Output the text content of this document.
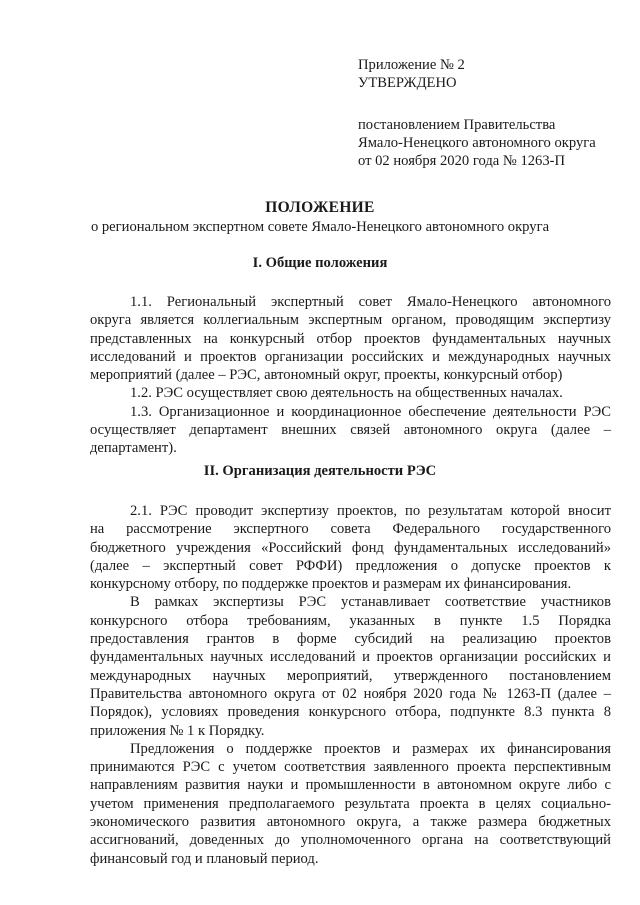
Приложение № 2
УТВЕРЖДЕНО
постановлением Правительства
Ямало-Ненецкого автономного округа
от 02 ноября 2020 года № 1263-П
ПОЛОЖЕНИЕ
о региональном экспертном совете Ямало-Ненецкого автономного округа
I. Общие положения
1.1. Региональный экспертный совет Ямало-Ненецкого автономного
округа является коллегиальным экспертным органом, проводящим экспертизу
представленных на конкурсный отбор проектов фундаментальных научных
исследований и проектов организации российских и международных научных
мероприятий (далее – РЭС, автономный округ, проекты, конкурсный отбор)
1.2. РЭС осуществляет свою деятельность на общественных началах.
1.3. Организационное и координационное обеспечение деятельности РЭС
осуществляет департамент внешних связей автономного округа (далее –
департамент).
II. Организация деятельности РЭС
2.1. РЭС проводит экспертизу проектов, по результатам которой вносит
на рассмотрение экспертного совета Федерального государственного
бюджетного учреждения «Российский фонд фундаментальных исследований»
(далее – экспертный совет РФФИ) предложения о допуске проектов к
конкурсному отбору, по поддержке проектов и размерам их финансирования.
В рамках экспертизы РЭС устанавливает соответствие участников
конкурсного отбора требованиям, указанных в пункте 1.5 Порядка
предоставления грантов в форме субсидий на реализацию проектов
фундаментальных научных исследований и проектов организации российских и
международных научных мероприятий, утвержденного постановлением
Правительства автономного округа от 02 ноября 2020 года № 1263-П (далее –
Порядок), условиях проведения конкурсного отбора, подпункте 8.3 пункта 8
приложения № 1 к Порядку.
Предложения о поддержке проектов и размерах их финансирования
принимаются РЭС с учетом соответствия заявленного проекта перспективным
направлениям развития науки и промышленности в автономном округе либо с
учетом применения предполагаемого результата проекта в целях социально-
экономического развития автономного округа, а также размера бюджетных
ассигнований, доведенных до уполномоченного органа на соответствующий
финансовый год и плановый период.
